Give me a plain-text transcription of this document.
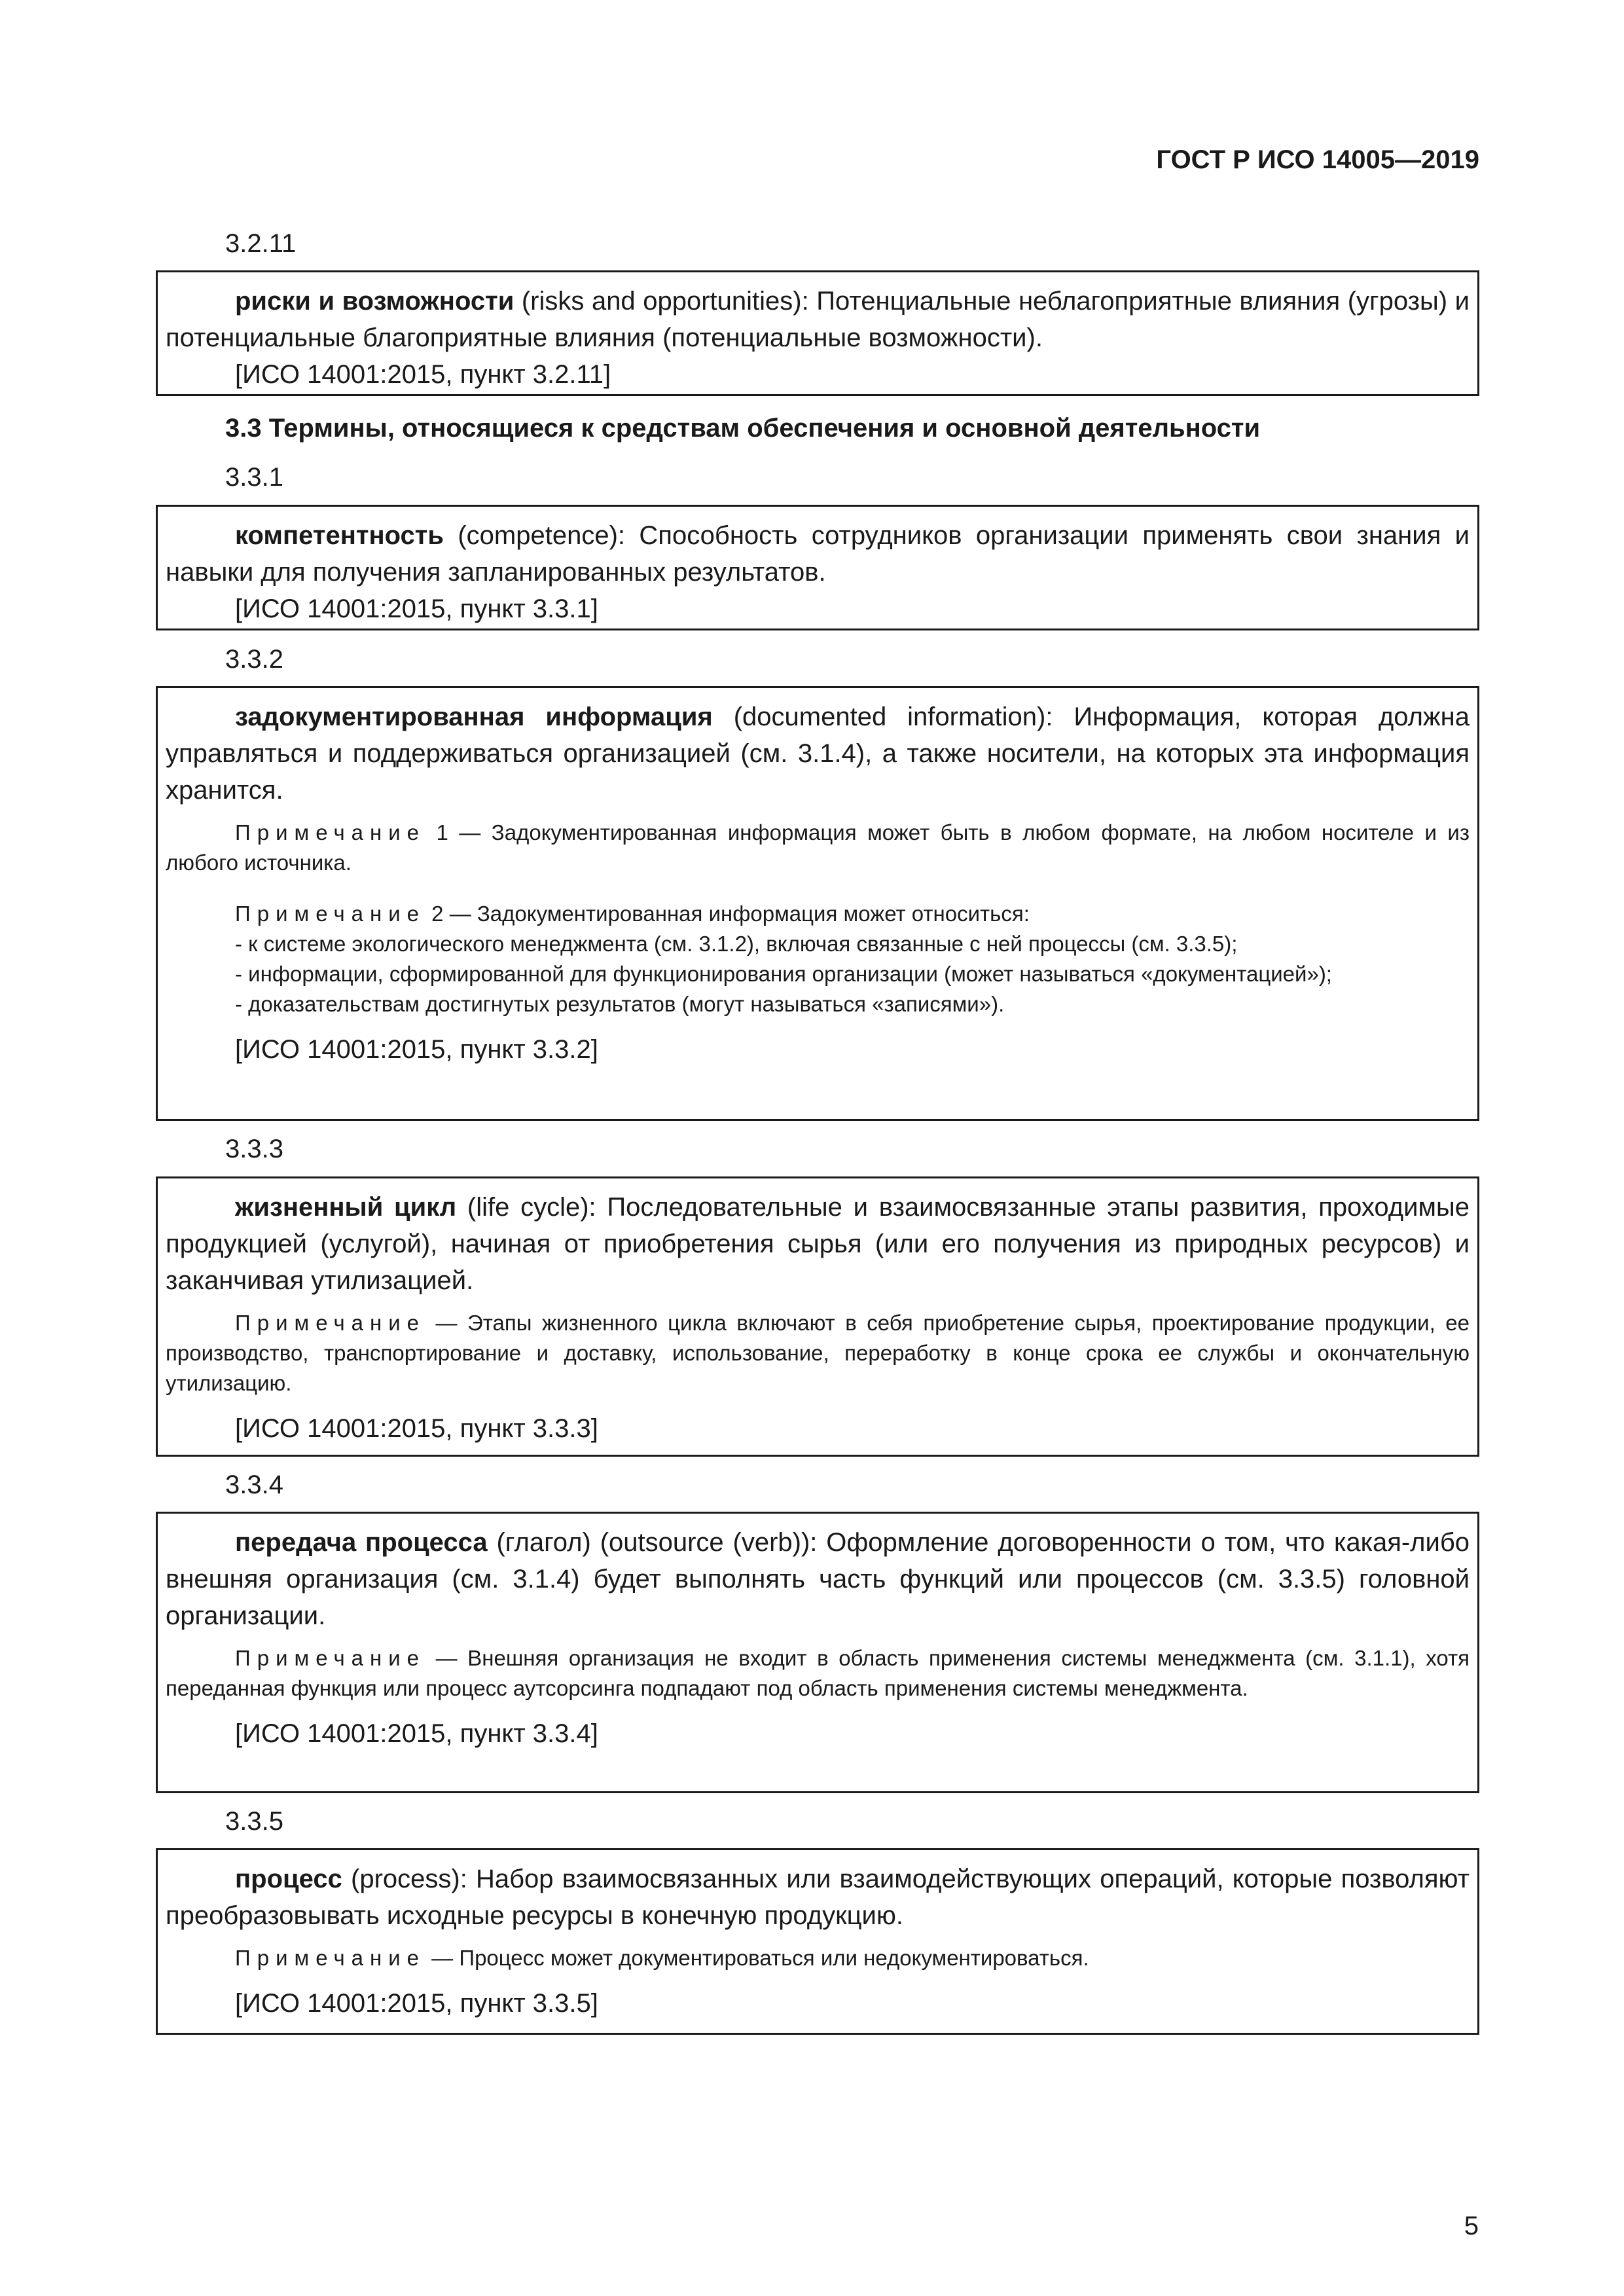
ГОСТ Р ИСО 14005—2019
3.2.11

риски и возможности (risks and opportunities): Потенциальные неблагоприятные влияния (угрозы) и потенциальные благоприятные влияния (потенциальные возможности).

[ИСО 14001:2015, пункт 3.2.11]

3.3 Термины, относящиеся к средствам обеспечения и основной деятельности
3.3.1

компетентность (competence): Способность сотрудников организации применять свои знания и навыки для получения запланированных результатов.

[ИСО 14001:2015, пункт 3.3.1]

3.3.2

задокументированная информация (documented information): Информация, которая должна управляться и поддерживаться организацией (см. 3.1.4), а также носители, на которых эта информация хранится.

Примечание 1 — Задокументированная информация может быть в любом формате, на любом носителе и из любого источника.

Примечание 2 — Задокументированная информация может относиться:

- к системе экологического менеджмента (см. 3.1.2), включая связанные с ней процессы (см. 3.3.5);

- информации, сформированной для функционирования организации (может называться «документацией»);

- доказательствам достигнутых результатов (могут называться «записями»).

[ИСО 14001:2015, пункт 3.3.2]

3.3.3

жизненный цикл (life cycle): Последовательные и взаимосвязанные этапы развития, проходимые продукцией (услугой), начиная от приобретения сырья (или его получения из природных ресурсов) и заканчивая утилизацией.

Примечание — Этапы жизненного цикла включают в себя приобретение сырья, проектирование продукции, ее производство, транспортирование и доставку, использование, переработку в конце срока ее службы и окончательную утилизацию.

[ИСО 14001:2015, пункт 3.3.3]

3.3.4

передача процесса (глагол) (outsource (verb)): Оформление договоренности о том, что какая-либо внешняя организация (см. 3.1.4) будет выполнять часть функций или процессов (см. 3.3.5) головной организации.

Примечание — Внешняя организация не входит в область применения системы менеджмента (см. 3.1.1), хотя переданная функция или процесс аутсорсинга подпадают под область применения системы менеджмента.

[ИСО 14001:2015, пункт 3.3.4]

3.3.5

процесс (process): Набор взаимосвязанных или взаимодействующих операций, которые позволяют преобразовывать исходные ресурсы в конечную продукцию.

Примечание — Процесс может документироваться или недокументироваться.

[ИСО 14001:2015, пункт 3.3.5]

5
